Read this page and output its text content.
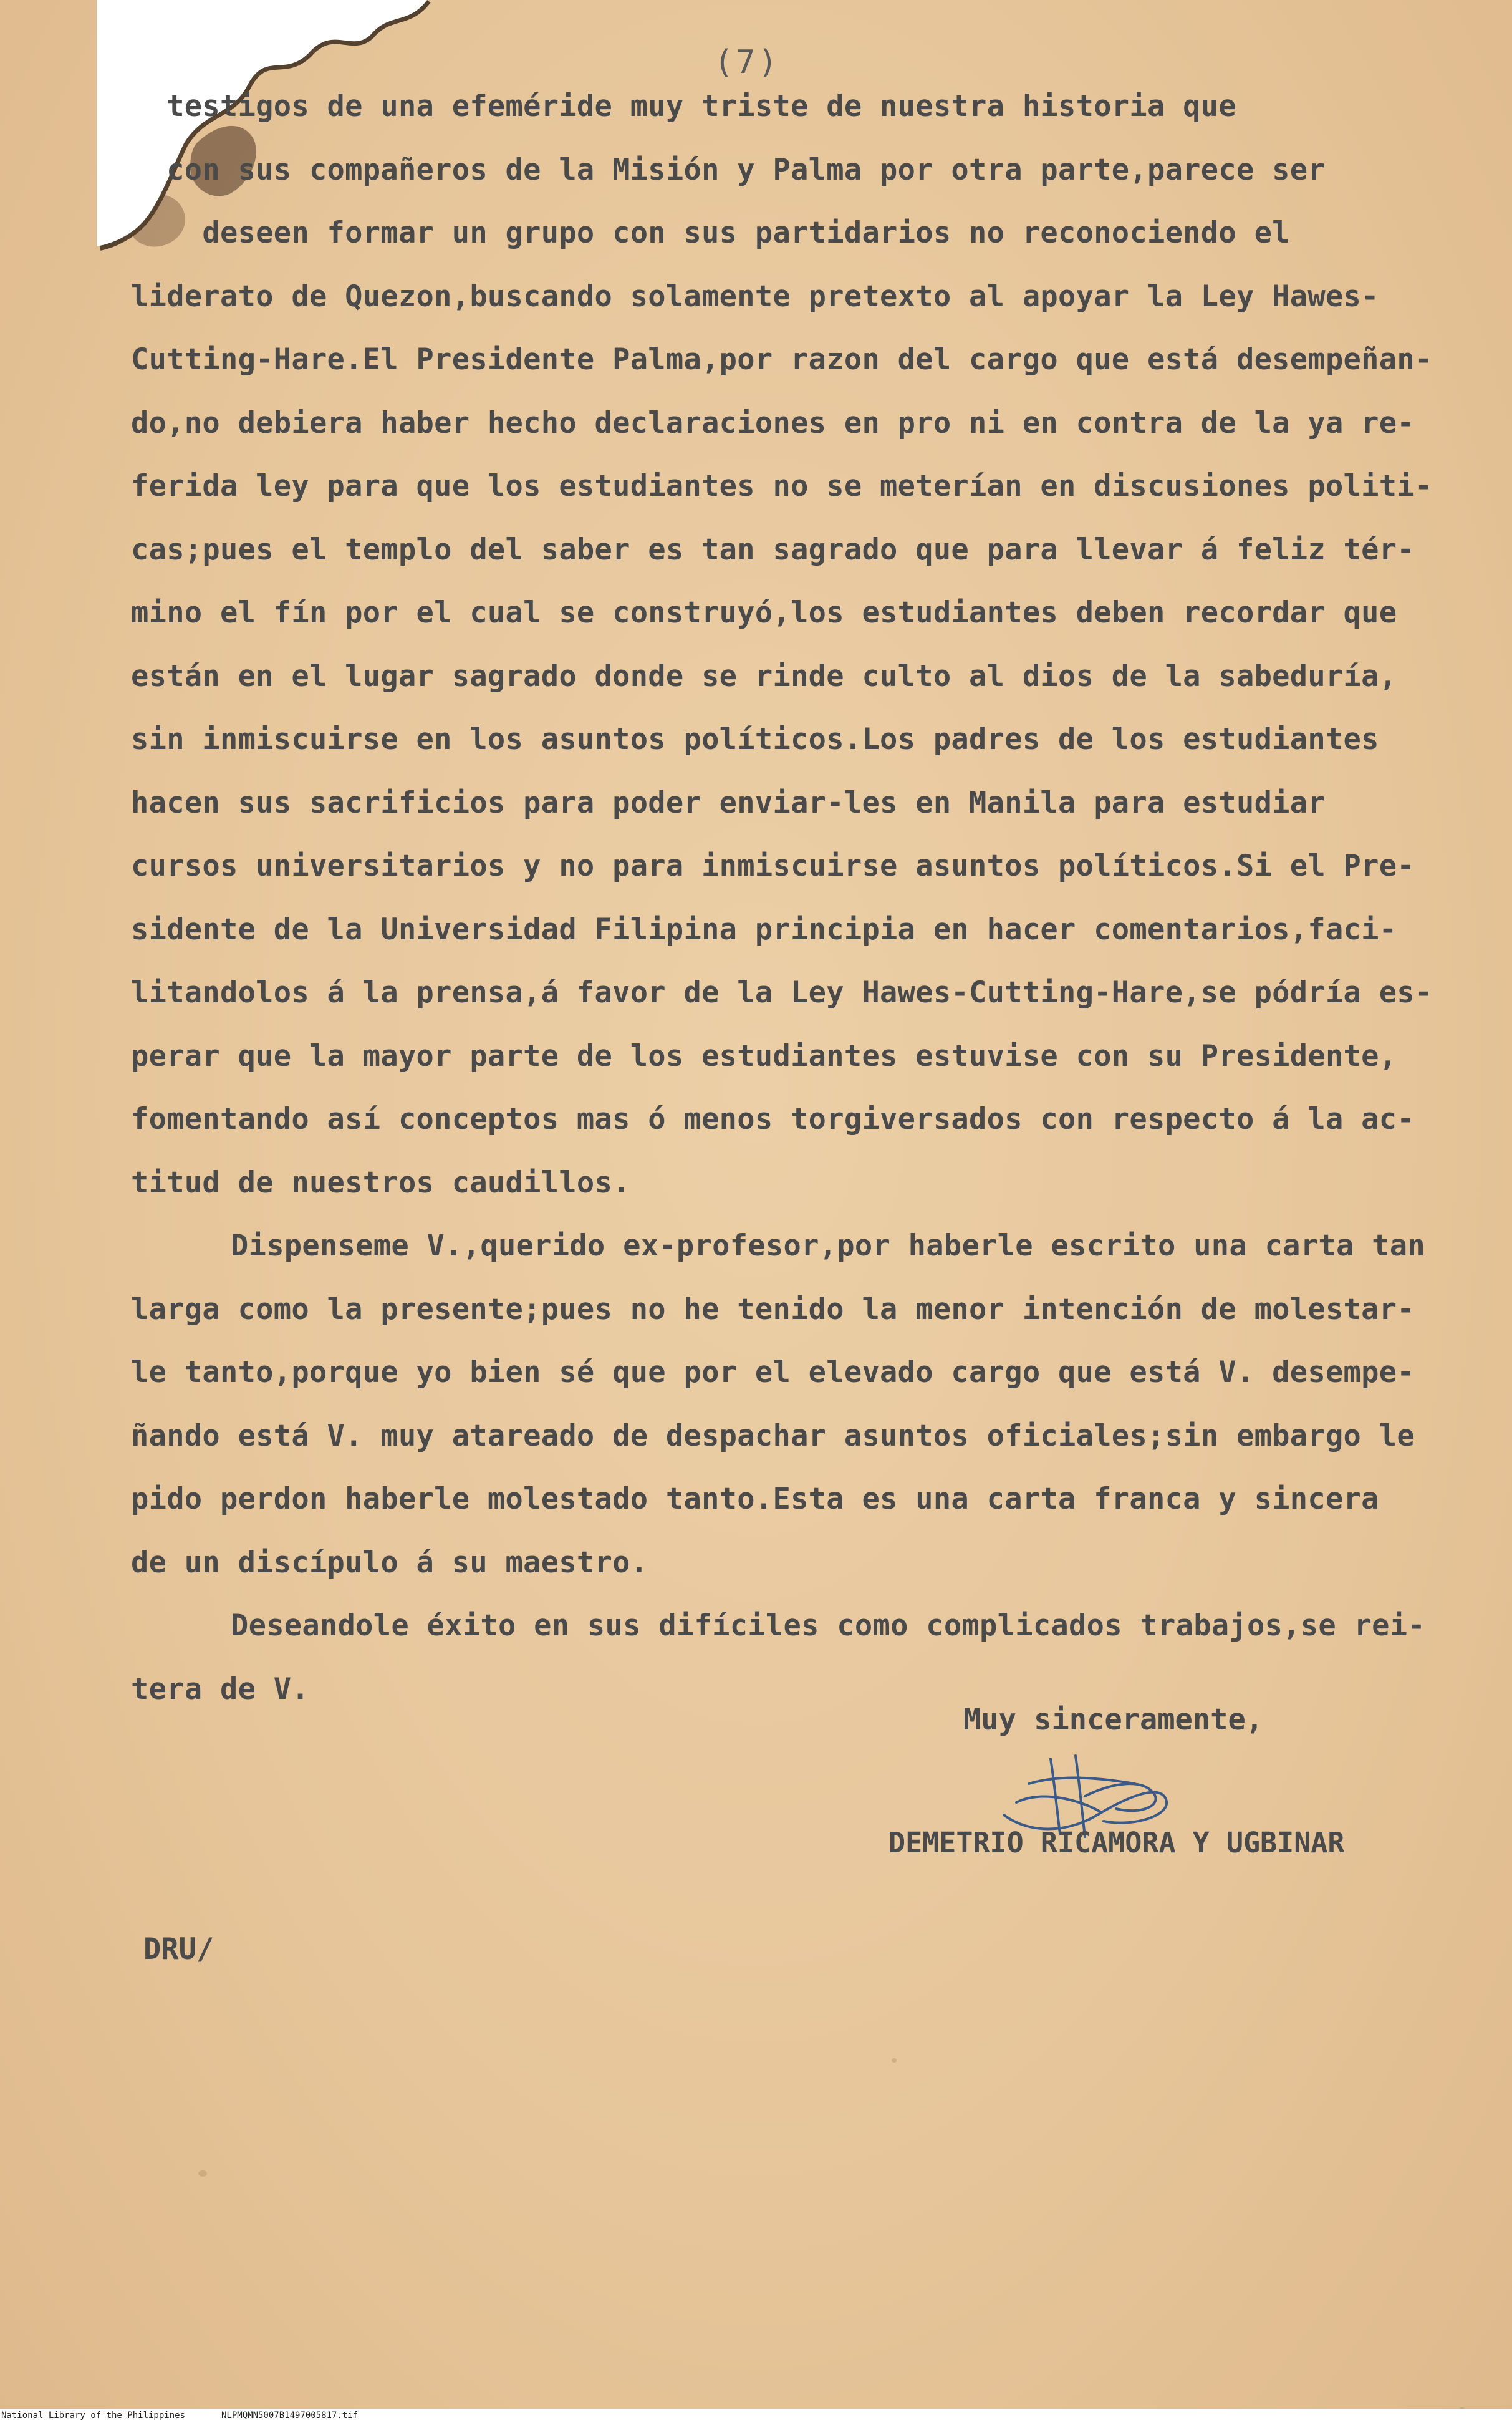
(7)
testigos de una efeméride muy triste de nuestra historia que
con sus compañeros de la Misión y Palma por otra parte,parece ser
deseen formar un grupo con sus partidarios no reconociendo el
liderato de Quezon,buscando solamente pretexto al apoyar la Ley Hawes-
Cutting-Hare.El Presidente Palma,por razon del cargo que está desempeñan-
do,no debiera haber hecho declaraciones en pro ni en contra de la ya re-
ferida ley para que los estudiantes no se meterían en discusiones politi-
cas;pues el templo del saber es tan sagrado que para llevar á feliz tér-
mino el fín por el cual se construyó,los estudiantes deben recordar que
están en el lugar sagrado donde se rinde culto al dios de la sabeduría,
sin inmiscuirse en los asuntos políticos.Los padres de los estudiantes
hacen sus sacrificios para poder enviar-les en Manila para estudiar
cursos universitarios y no para inmiscuirse asuntos políticos.Si el Pre-
sidente de la Universidad Filipina principia en hacer comentarios,faci-
litandolos á la prensa,á favor de la Ley Hawes-Cutting-Hare,se pódría es-
perar que la mayor parte de los estudiantes estuvise con su Presidente,
fomentando así conceptos mas ó menos torgiversados con respecto á la ac-
titud de nuestros caudillos.
Dispenseme V.,querido ex-profesor,por haberle escrito una carta tan
larga como la presente;pues no he tenido la menor intención de molestar-
le tanto,porque yo bien sé que por el elevado cargo que está V. desempe-
ñando está V. muy atareado de despachar asuntos oficiales;sin embargo le
pido perdon haberle molestado tanto.Esta es una carta franca y sincera
de un discípulo á su maestro.
Deseandole éxito en sus difíciles como complicados trabajos,se rei-
tera de V.
Muy sinceramente,
DEMETRIO RICAMORA Y UGBINAR
DRU/
National Library of the Philippines	NLPMQMN5007B1497005817.tif
